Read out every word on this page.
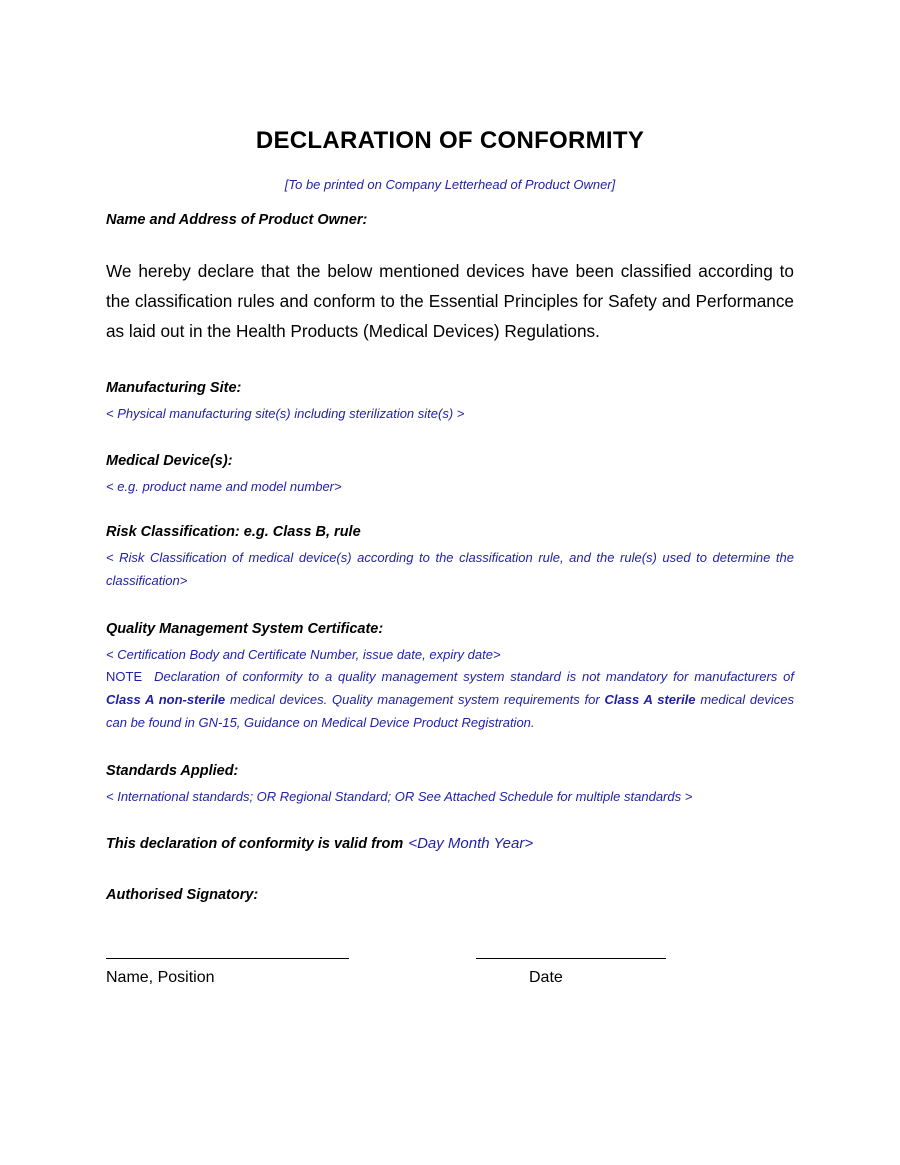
DECLARATION OF CONFORMITY
[To be printed on Company Letterhead of Product Owner]
Name and Address of Product Owner:
We hereby declare that the below mentioned devices have been classified according to the classification rules and conform to the Essential Principles for Safety and Performance as laid out in the Health Products (Medical Devices) Regulations.
Manufacturing Site:
< Physical manufacturing site(s) including sterilization site(s) >
Medical Device(s):
< e.g. product name and model number>
Risk Classification: e.g. Class B, rule
< Risk Classification of medical device(s) according to the classification rule, and the rule(s) used to determine the classification>
Quality Management System Certificate:
< Certification Body and Certificate Number, issue date, expiry date>
NOTE Declaration of conformity to a quality management system standard is not mandatory for manufacturers of Class A non-sterile medical devices. Quality management system requirements for Class A sterile medical devices can be found in GN-15, Guidance on Medical Device Product Registration.
Standards Applied:
< International standards; OR Regional Standard; OR See Attached Schedule for multiple standards >
This declaration of conformity is valid from <Day Month Year>
Authorised Signatory:
Name, Position	Date
